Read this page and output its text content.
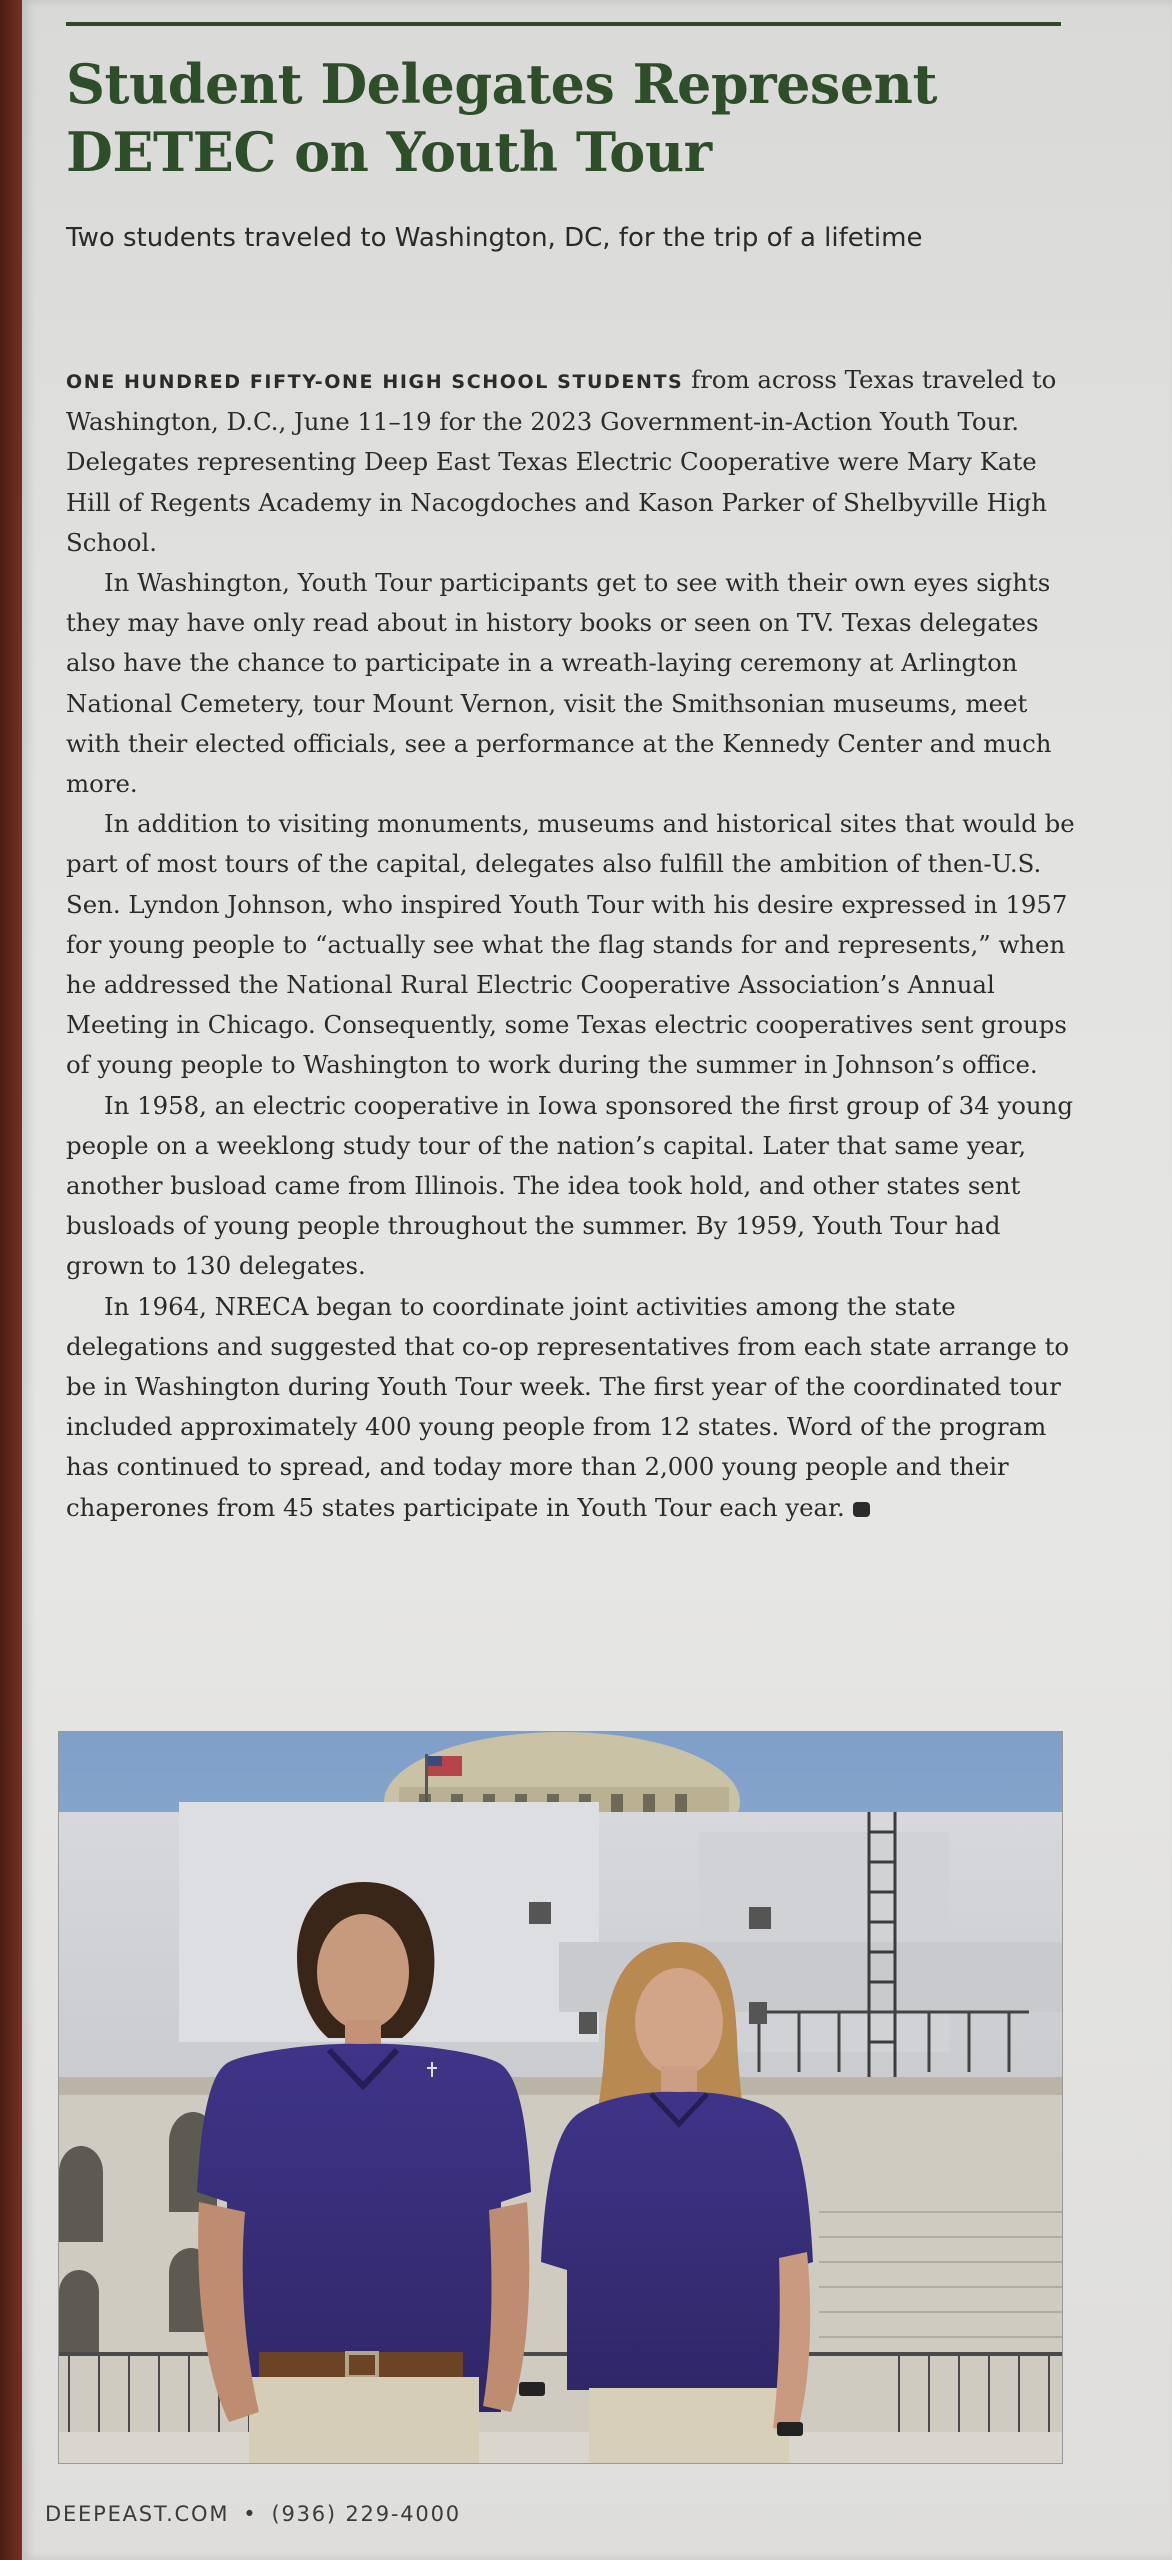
Student Delegates Represent DETEC on Youth Tour

Two students traveled to Washington, DC, for the trip of a lifetime

ONE HUNDRED FIFTY-ONE HIGH SCHOOL STUDENTS from across Texas traveled to Washington, D.C., June 11–19 for the 2023 Government-in-Action Youth Tour. Delegates representing Deep East Texas Electric Cooperative were Mary Kate Hill of Regents Academy in Nacogdoches and Kason Parker of Shelbyville High School.

In Washington, Youth Tour participants get to see with their own eyes sights they may have only read about in history books or seen on TV. Texas delegates also have the chance to participate in a wreath-laying ceremony at Arlington National Cemetery, tour Mount Vernon, visit the Smithsonian museums, meet with their elected officials, see a performance at the Kennedy Center and much more.

In addition to visiting monuments, museums and historical sites that would be part of most tours of the capital, delegates also fulfill the ambition of then-U.S. Sen. Lyndon Johnson, who inspired Youth Tour with his desire expressed in 1957 for young people to “actually see what the flag stands for and represents,” when he addressed the National Rural Electric Cooperative Association’s Annual Meeting in Chicago. Consequently, some Texas electric cooperatives sent groups of young people to Washington to work during the summer in Johnson’s office.

In 1958, an electric cooperative in Iowa sponsored the first group of 34 young people on a weeklong study tour of the nation’s capital. Later that same year, another busload came from Illinois. The idea took hold, and other states sent busloads of young people throughout the summer. By 1959, Youth Tour had grown to 130 delegates.

In 1964, NRECA began to coordinate joint activities among the state delegations and suggested that co-op representatives from each state arrange to be in Washington during Youth Tour week. The first year of the coordinated tour included approximately 400 young people from 12 states. Word of the program has continued to spread, and today more than 2,000 young people and their chaperones from 45 states participate in Youth Tour each year.

DEEPEAST.COM • (936) 229-4000
